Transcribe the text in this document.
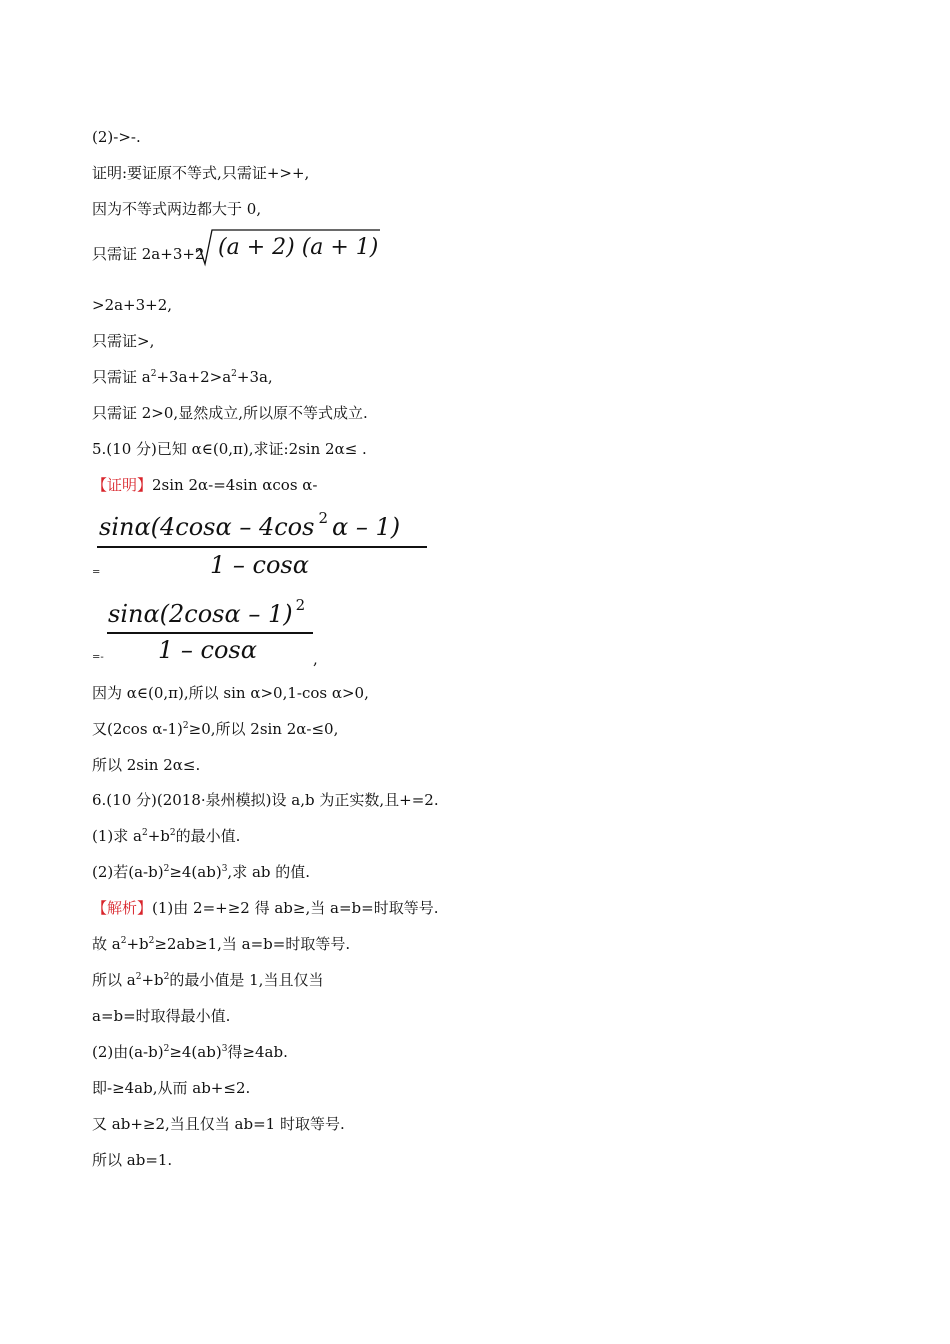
(2)->-.
证明:要证原不等式,只需证+>+,
因为不等式两边都大于 0,
只需证 2a+3+2 (a + 2) (a + 1)
>2a+3+2,
只需证>,
只需证 $a^2+3a+2>a^2+3a$,
只需证 2>0,显然成立,所以原不等式成立.
5.(10 分)已知 α∈(0,π),求证:2sin 2α≤ .
【证明】2sin 2α-=4sin αcos α-
sinα(4cosα – 4cos $^2$ α – 1)
1 – cosα
=
sinα(2cosα – 1) $^2$
1 – cosα
=-	,
因为 α∈(0,π),所以 sin α>0,1-cos α>0,
又(2cos α-1)$^2$≥0,所以 2sin 2α-≤0,
所以 2sin 2α≤.
6.(10 分)(2018·泉州模拟)设 a,b 为正实数,且+=2.
(1)求 $a^2+b^2$的最小值.
(2)若$(a-b)^2\ge 4(ab)^3$,求 ab 的值.
【解析】(1)由 2=+≥2 得 ab≥,当 a=b=时取等号.
故 $a^2+b^2\ge 2ab\ge 1$,当 a=b=时取等号.
所以 $a^2+b^2$的最小值是 1,当且仅当
a=b=时取得最小值.
(2)由$(a-b)^2\ge 4(ab)^3$得≥4ab.
即-≥4ab,从而 ab+≤2.
又 ab+≥2,当且仅当 ab=1 时取等号.
所以 ab=1.
